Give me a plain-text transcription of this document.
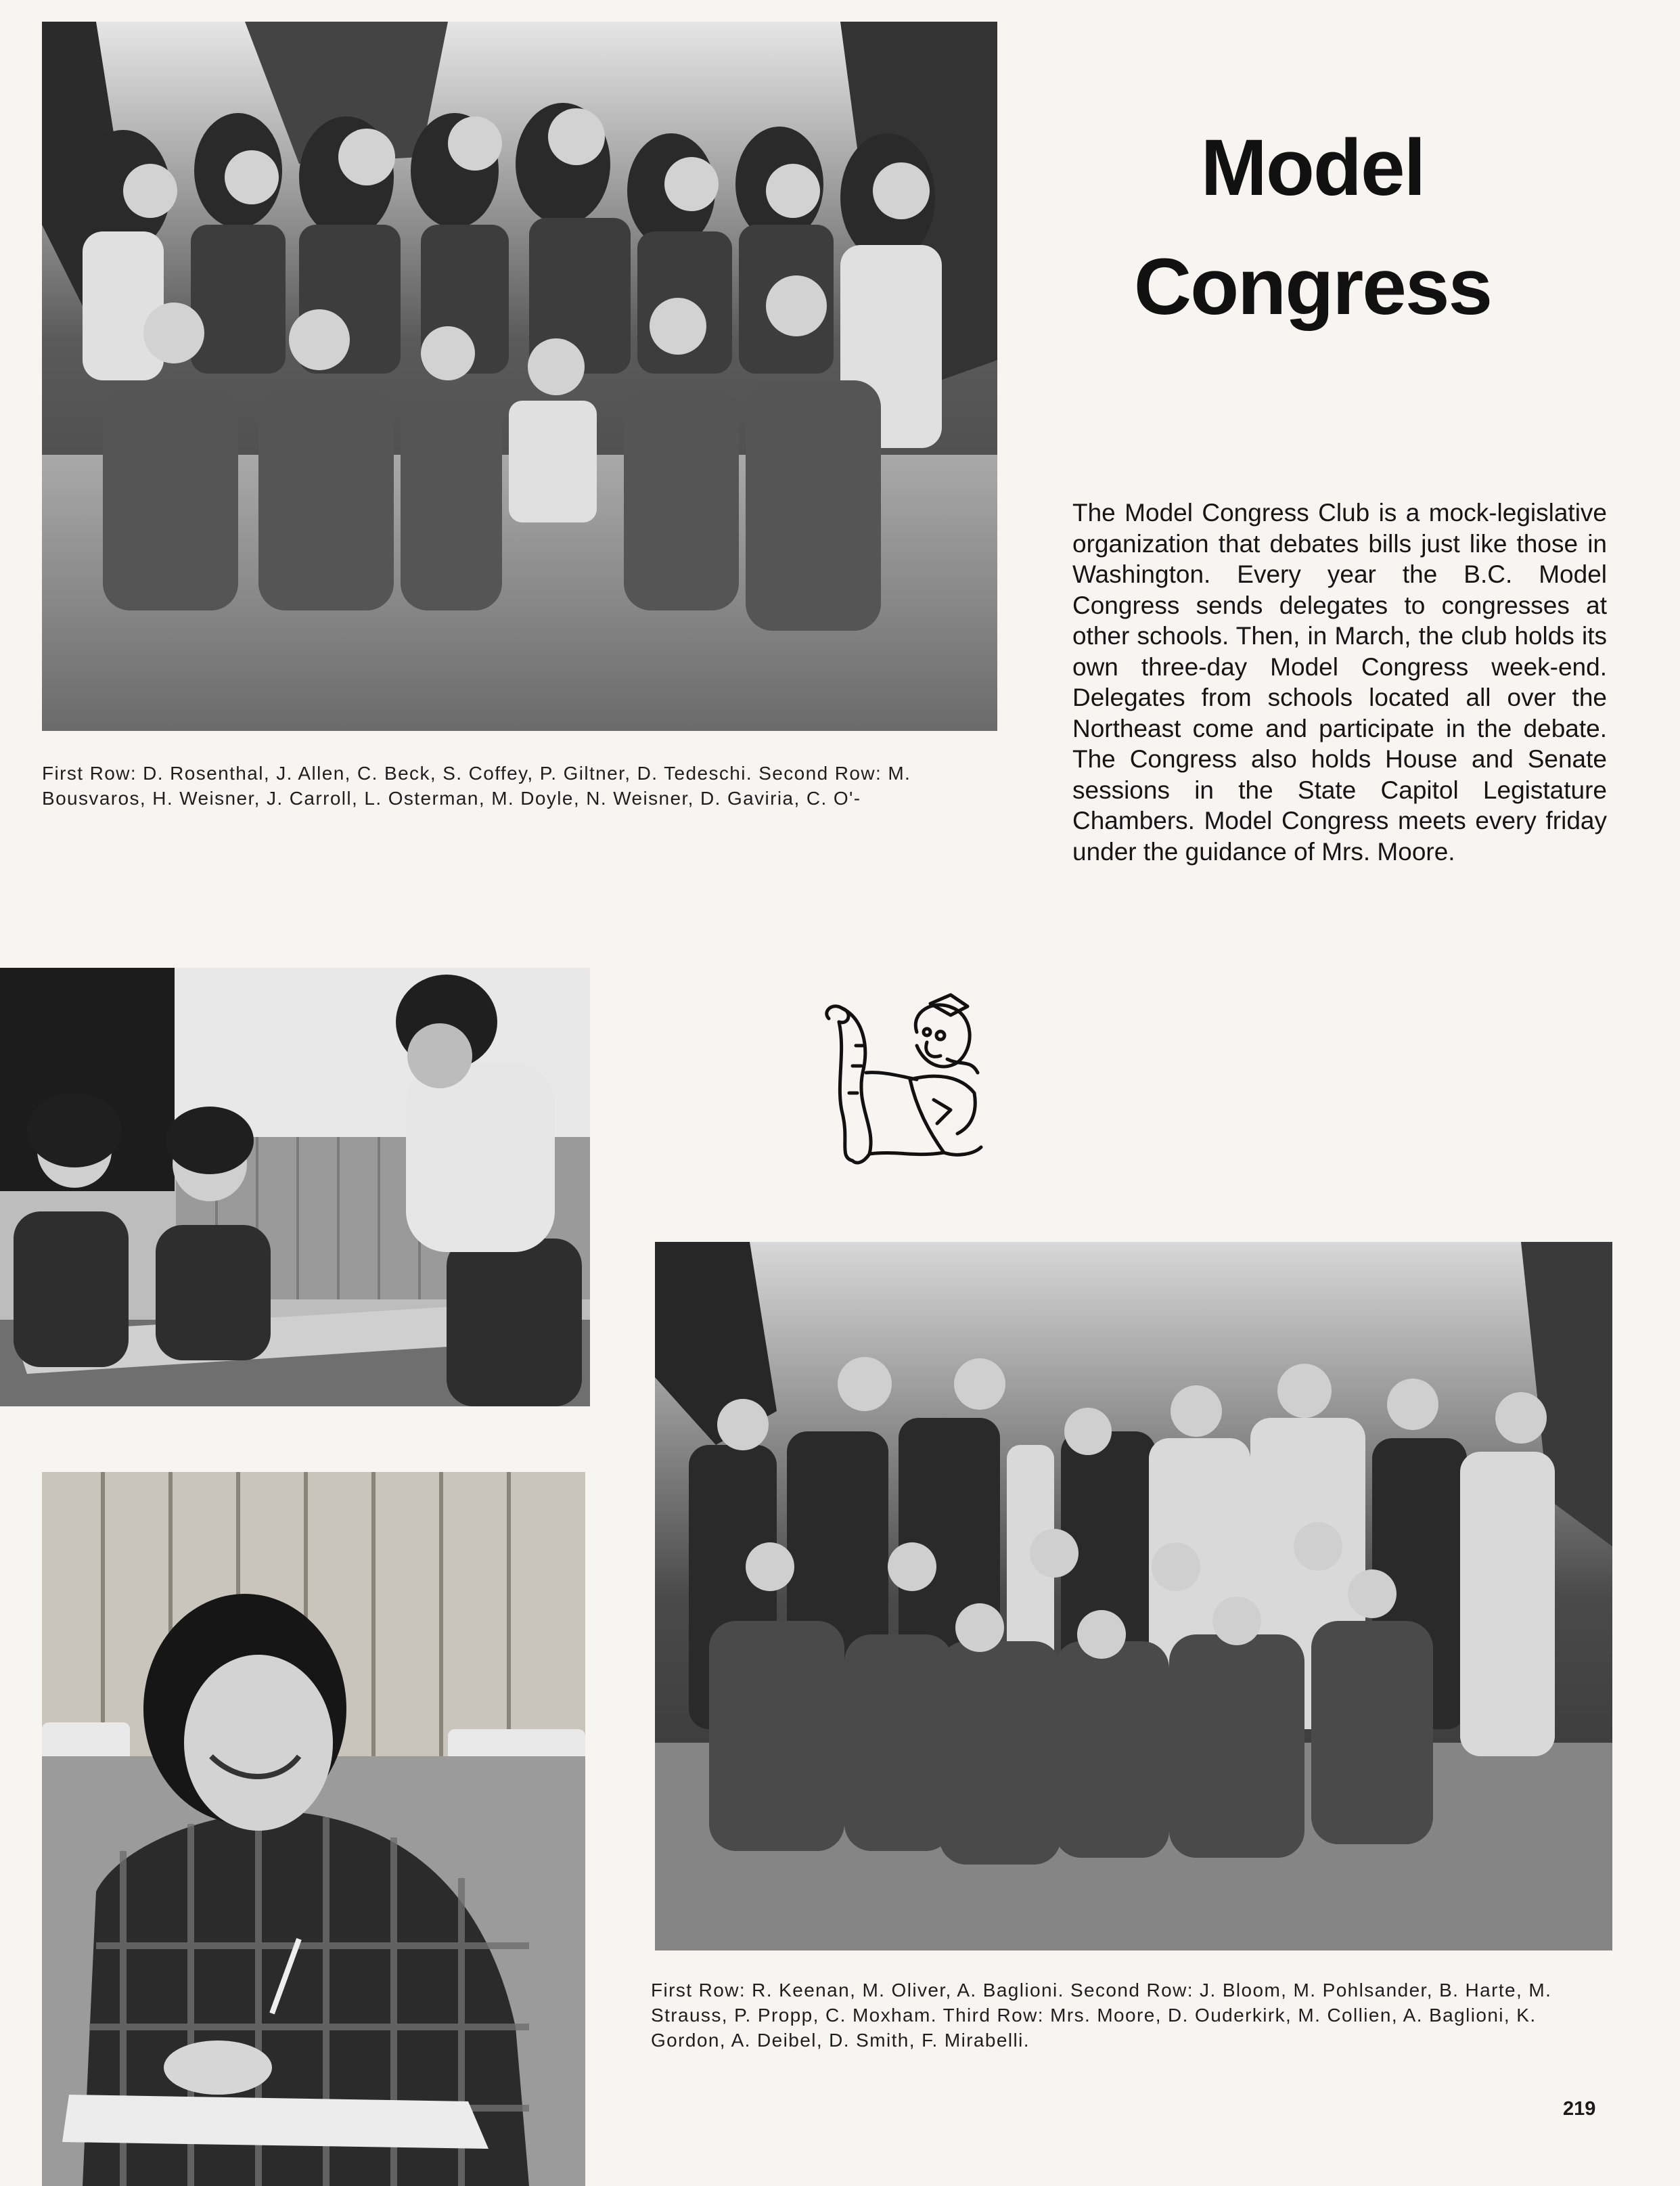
First Row: D. Rosenthal, J. Allen, C. Beck, S. Coffey, P. Giltner, D. Tedeschi. Second Row: M. Bousvaros, H. Weisner, J. Carroll, L. Osterman, M. Doyle, N. Weisner, D. Gaviria, C. O'-

Model Congress

The Model Congress Club is a mock-legislative organization that debates bills just like those in Washington. Every year the B.C. Model Congress sends delegates to congresses at other schools. Then, in March, the club holds its own three-day Model Congress week-end. Delegates from schools located all over the Northeast come and participate in the debate. The Congress also holds House and Senate sessions in the State Capitol Legistature Chambers. Model Congress meets every friday under the guidance of Mrs. Moore.

First Row: R. Keenan, M. Oliver, A. Baglioni. Second Row: J. Bloom, M. Pohlsander, B. Harte, M. Strauss, P. Propp, C. Moxham. Third Row: Mrs. Moore, D. Ouderkirk, M. Collien, A. Baglioni, K. Gordon, A. Deibel, D. Smith, F. Mirabelli.

219
